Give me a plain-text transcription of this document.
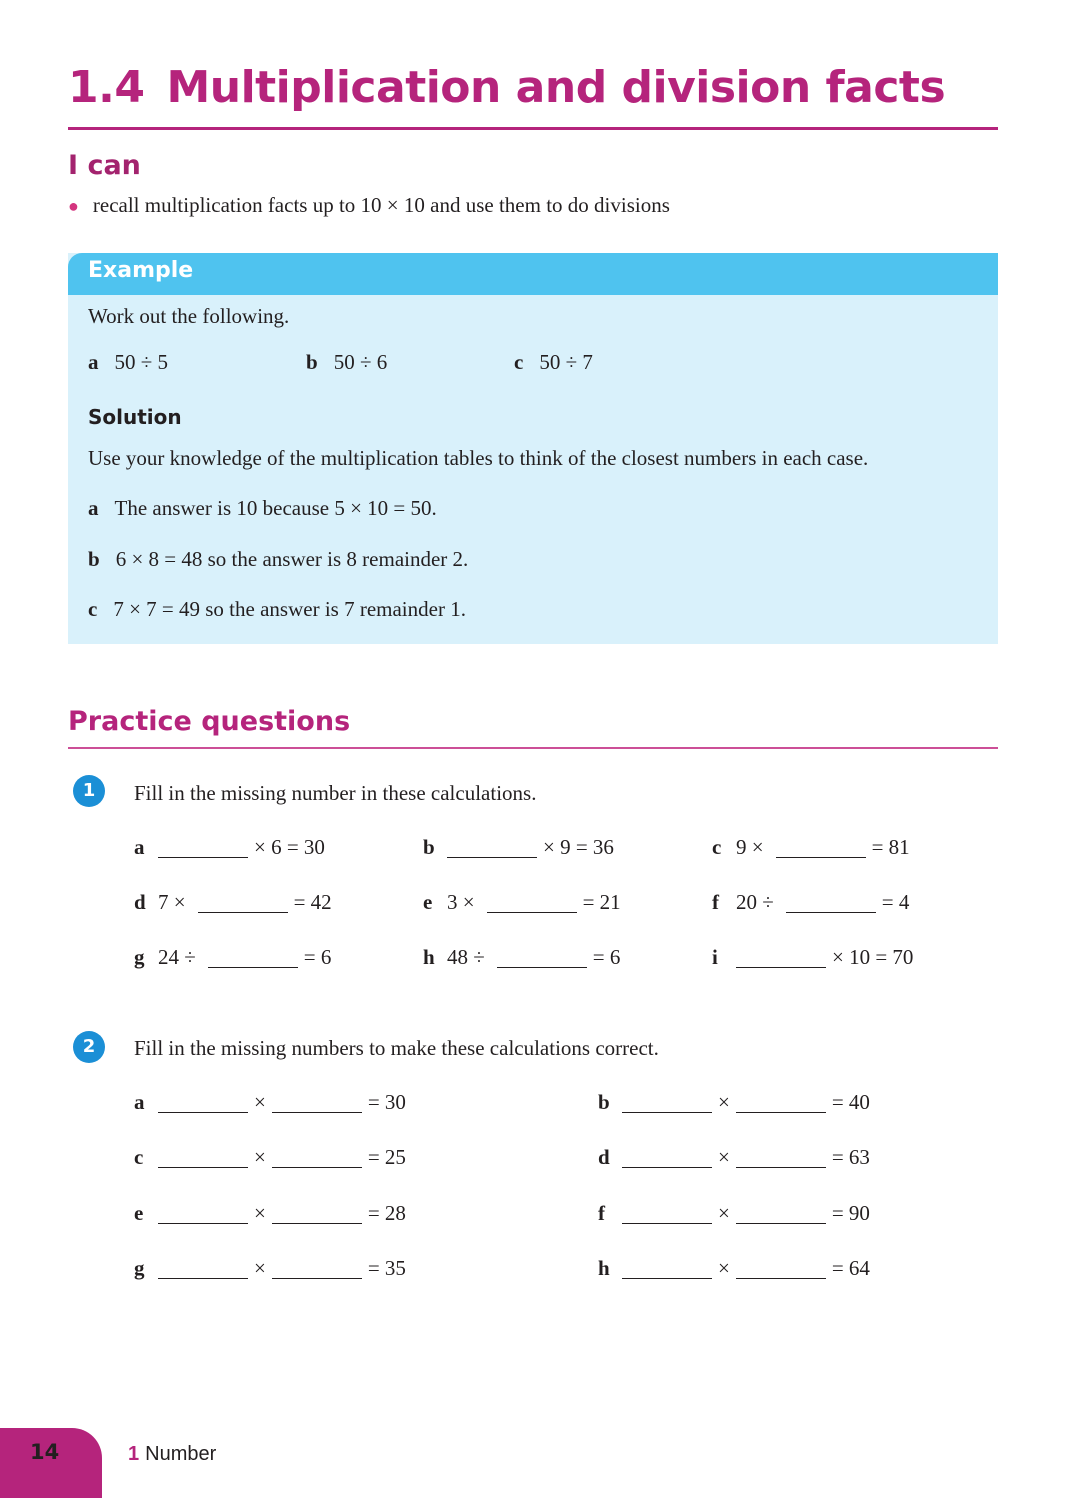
1.4 Multiplication and division facts
I can
● recall multiplication facts up to 10 × 10 and use them to do divisions
Example
Work out the following.
a 50 ÷ 5	b 50 ÷ 6	c 50 ÷ 7
Solution
Use your knowledge of the multiplication tables to think of the closest numbers in each case.
a The answer is 10 because 5 × 10 = 50.
b 6 × 8 = 48 so the answer is 8 remainder 2.
c 7 × 7 = 49 so the answer is 7 remainder 1.
Practice questions
1	Fill in the missing number in these calculations.
a	× 6 = 30	b	× 9 = 36	c 9 ×	= 81
d 7 ×	= 42	e 3 ×	= 21	f 20 ÷	= 4
g 24 ÷	= 6	h 48 ÷	= 6	i	× 10 = 70
2	Fill in the missing numbers to make these calculations correct.
a	×	= 30	b	×	= 40
c	×	= 25	d	×	= 63
e	×	= 28	f	×	= 90
g	×	= 35	h	×	= 64
14	1 Number
